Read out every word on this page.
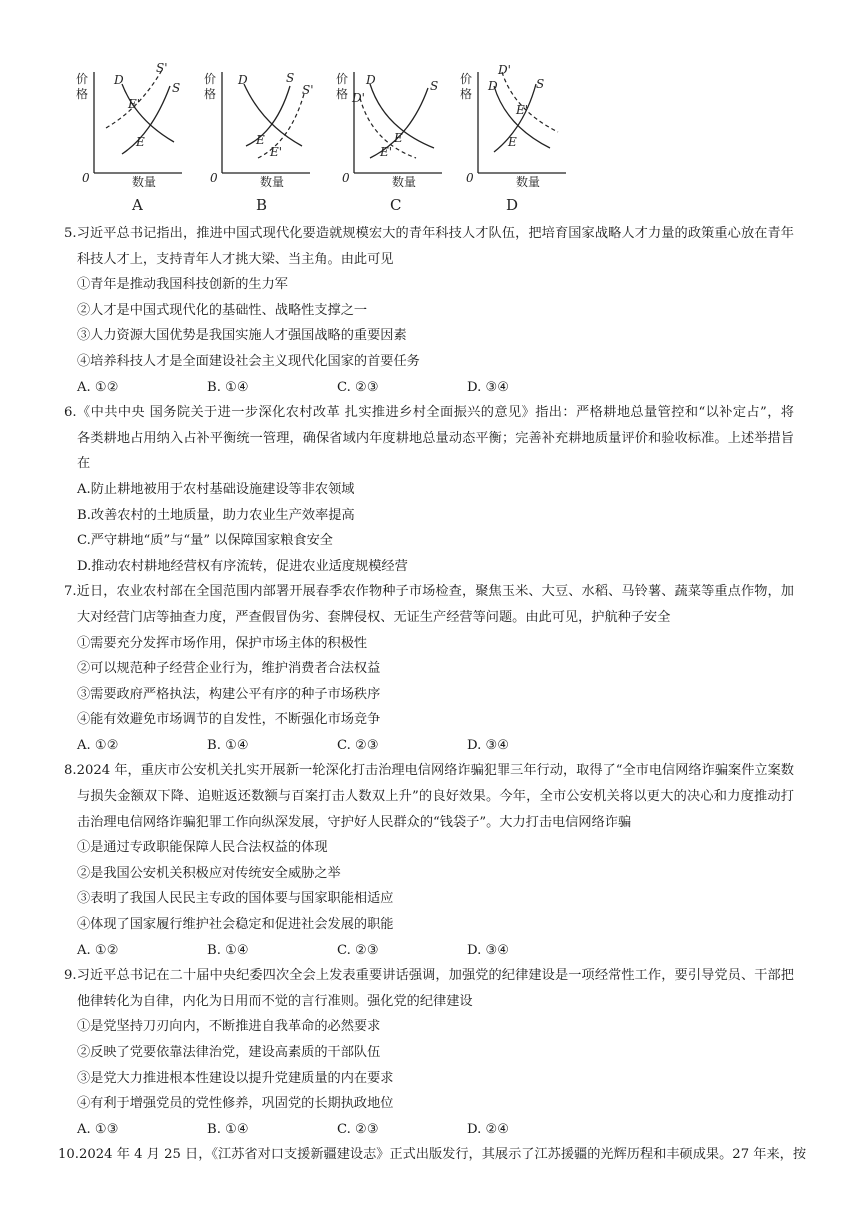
价
格
0	数量
D
S'
S
E'
E
A
价
格
0	数量
D	S
S'
E
E'
B
价
格
0	数量
D
D'
S
E
E'
C
价
格
0	数量
D'
D	S
E'
E
D
5.习近平总书记指出，推进中国式现代化要造就规模宏大的青年科技人才队伍，把培育国家战略人才力量的政策重心放在青年
科技人才上，支持青年人才挑大梁、当主角。由此可见
①青年是推动我国科技创新的生力军
②人才是中国式现代化的基础性、战略性支撑之一
③人力资源大国优势是我国实施人才强国战略的重要因素
④培养科技人才是全面建设社会主义现代化国家的首要任务
A. ①②	B. ①④	C. ②③	D. ③④
6.《中共中央 国务院关于进一步深化农村改革 扎实推进乡村全面振兴的意见》指出：严格耕地总量管控和“以补定占”，将
各类耕地占用纳入占补平衡统一管理，确保省域内年度耕地总量动态平衡；完善补充耕地质量评价和验收标准。上述举措旨
在
A.防止耕地被用于农村基础设施建设等非农领域
B.改善农村的土地质量，助力农业生产效率提高
C.严守耕地“质”与“量” 以保障国家粮食安全
D.推动农村耕地经营权有序流转，促进农业适度规模经营
7.近日，农业农村部在全国范围内部署开展春季农作物种子市场检查，聚焦玉米、大豆、水稻、马铃薯、蔬菜等重点作物，加
大对经营门店等抽查力度，严查假冒伪劣、套牌侵权、无证生产经营等问题。由此可见，护航种子安全
①需要充分发挥市场作用，保护市场主体的积极性
②可以规范种子经营企业行为，维护消费者合法权益
③需要政府严格执法，构建公平有序的种子市场秩序
④能有效避免市场调节的自发性，不断强化市场竞争
A. ①②	B. ①④	C. ②③	D. ③④
8.2024 年，重庆市公安机关扎实开展新一轮深化打击治理电信网络诈骗犯罪三年行动，取得了“全市电信网络诈骗案件立案数
与损失金额双下降、追赃返还数额与百案打击人数双上升”的良好效果。今年，全市公安机关将以更大的决心和力度推动打
击治理电信网络诈骗犯罪工作向纵深发展，守护好人民群众的“钱袋子”。大力打击电信网络诈骗
①是通过专政职能保障人民合法权益的体现
②是我国公安机关积极应对传统安全威胁之举
③表明了我国人民民主专政的国体要与国家职能相适应
④体现了国家履行维护社会稳定和促进社会发展的职能
A. ①②	B. ①④	C. ②③	D. ③④
9.习近平总书记在二十届中央纪委四次全会上发表重要讲话强调，加强党的纪律建设是一项经常性工作，要引导党员、干部把
他律转化为自律，内化为日用而不觉的言行准则。强化党的纪律建设
①是党坚持刀刃向内，不断推进自我革命的必然要求
②反映了党要依靠法律治党，建设高素质的干部队伍
③是党大力推进根本性建设以提升党建质量的内在要求
④有利于增强党员的党性修养，巩固党的长期执政地位
A. ①③	B. ①④	C. ②③	D. ②④
10.2024 年 4 月 25 日，《江苏省对口支援新疆建设志》正式出版发行，其展示了江苏援疆的光辉历程和丰硕成果。27 年来，按
